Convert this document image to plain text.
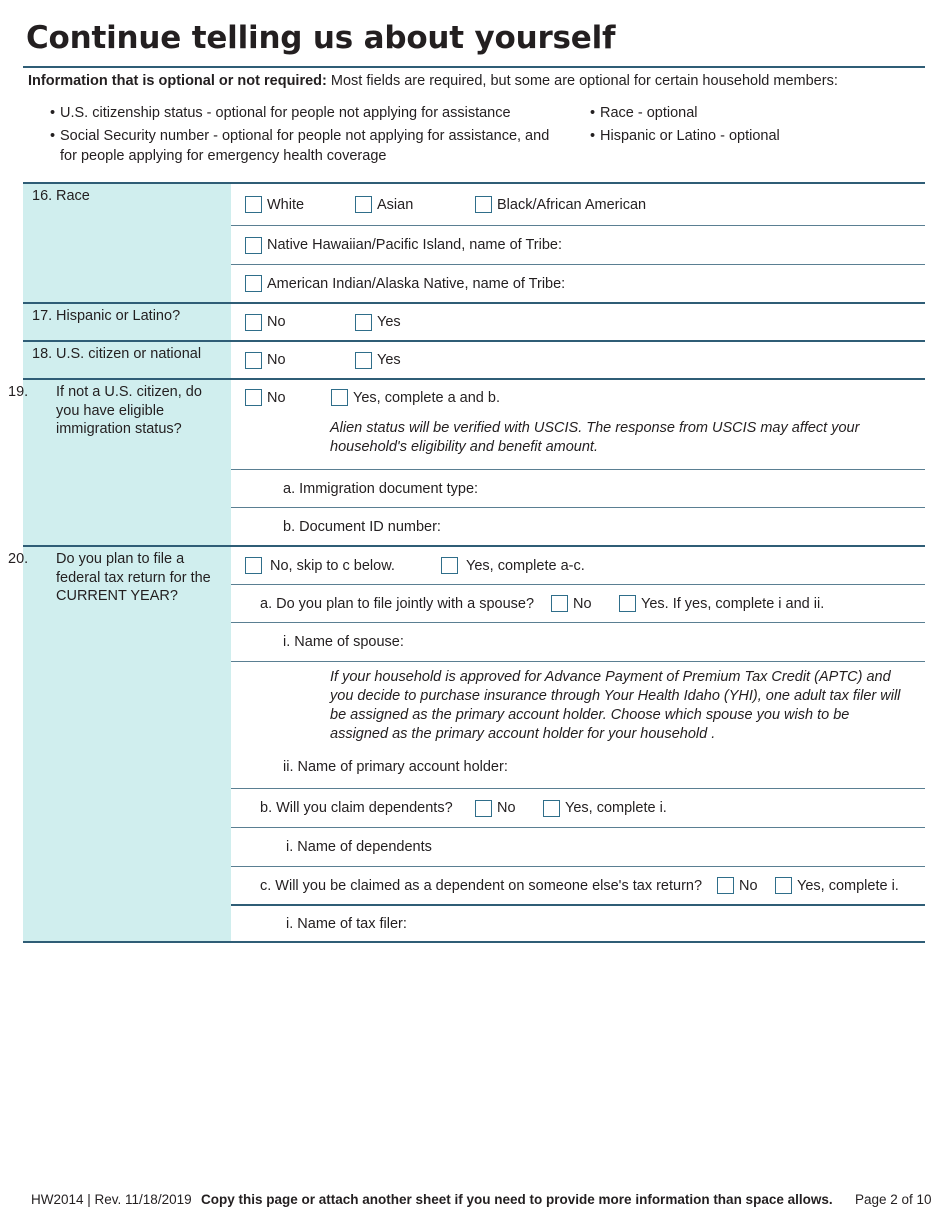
Continue telling us about yourself
Information that is optional or not required: Most fields are required, but some are optional for certain household members:
• U.S. citizenship status - optional for people not applying for assistance
• Social Security number - optional for people not applying for assistance, and for people applying for emergency health coverage
• Race - optional
• Hispanic or Latino - optional
16. Race
White	Asian	Black/African American
Native Hawaiian/Pacific Island, name of Tribe:
American Indian/Alaska Native, name of Tribe:
17. Hispanic or Latino?	No	Yes
18. U.S. citizen or national	No	Yes
19. If not a U.S. citizen, do you have eligible immigration status?
No	Yes, complete a and b.
Alien status will be verified with USCIS. The response from USCIS may affect your household's eligibility and benefit amount.
a. Immigration document type:
b. Document ID number:
20. Do you plan to file a federal tax return for the CURRENT YEAR?
No, skip to c below.	Yes, complete a-c.
a. Do you plan to file jointly with a spouse?	No	Yes. If yes, complete i and ii.
i. Name of spouse:
If your household is approved for Advance Payment of Premium Tax Credit (APTC) and you decide to purchase insurance through Your Health Idaho (YHI), one adult tax filer will be assigned as the primary account holder. Choose which spouse you wish to be assigned as the primary account holder for your household .
ii. Name of primary account holder:
b. Will you claim dependents?	No	Yes, complete i.
i. Name of dependents
c. Will you be claimed as a dependent on someone else's tax return?	No	Yes, complete i.
i. Name of tax filer:
HW2014 | Rev. 11/18/2019 Copy this page or attach another sheet if you need to provide more information than space allows. Page 2 of 10
